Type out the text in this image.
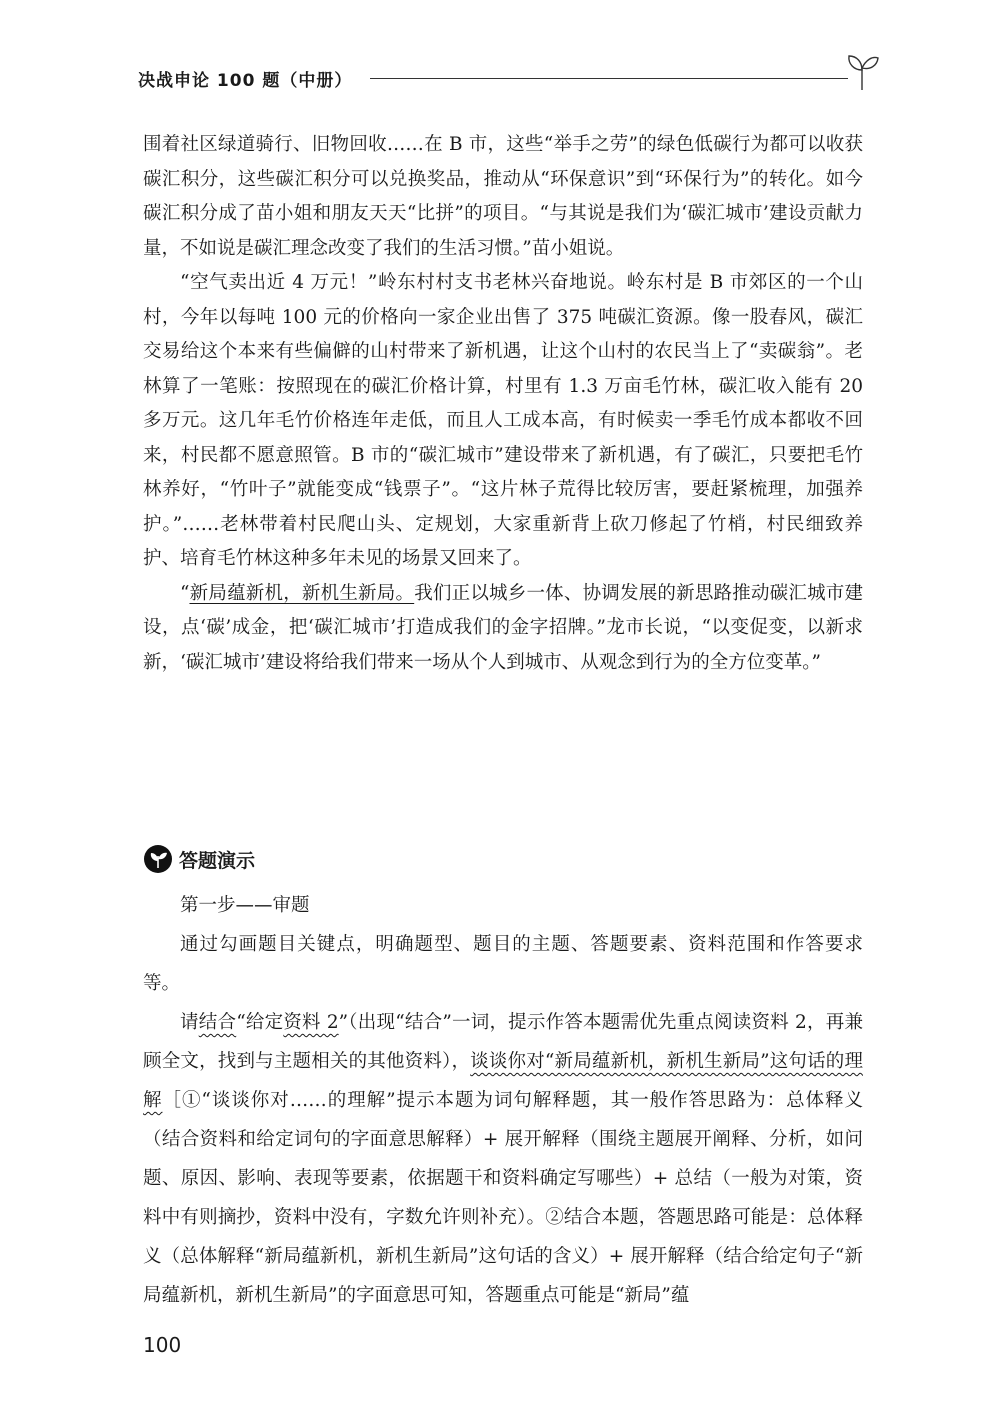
决战申论 100 题（中册）

围着社区绿道骑行、旧物回收……在 B 市，这些“举手之劳”的绿色低碳行为都可以收获碳汇积分，这些碳汇积分可以兑换奖品，推动从“环保意识”到“环保行为”的转化。如今碳汇积分成了苗小姐和朋友天天“比拼”的项目。“与其说是我们为‘碳汇城市’建设贡献力量，不如说是碳汇理念改变了我们的生活习惯。”苗小姐说。

“空气卖出近 4 万元！”岭东村村支书老林兴奋地说。岭东村是 B 市郊区的一个山村，今年以每吨 100 元的价格向一家企业出售了 375 吨碳汇资源。像一股春风，碳汇交易给这个本来有些偏僻的山村带来了新机遇，让这个山村的农民当上了“卖碳翁”。老林算了一笔账：按照现在的碳汇价格计算，村里有 1.3 万亩毛竹林，碳汇收入能有 20 多万元。这几年毛竹价格连年走低，而且人工成本高，有时候卖一季毛竹成本都收不回来，村民都不愿意照管。B 市的“碳汇城市”建设带来了新机遇，有了碳汇，只要把毛竹林养好，“竹叶子”就能变成“钱票子”。“这片林子荒得比较厉害，要赶紧梳理，加强养护。”……老林带着村民爬山头、定规划，大家重新背上砍刀修起了竹梢，村民细致养护、培育毛竹林这种多年未见的场景又回来了。

“新局蕴新机，新机生新局。我们正以城乡一体、协调发展的新思路推动碳汇城市建设，点‘碳’成金，把‘碳汇城市’打造成我们的金字招牌。”龙市长说，“以变促变，以新求新，‘碳汇城市’建设将给我们带来一场从个人到城市、从观念到行为的全方位变革。”

答题演示

第一步——审题

通过勾画题目关键点，明确题型、题目的主题、答题要素、资料范围和作答要求等。

请结合“给定资料 2”（出现“结合”一词，提示作答本题需优先重点阅读资料 2，再兼顾全文，找到与主题相关的其他资料），谈谈你对“新局蕴新机，新机生新局”这句话的理解［①“谈谈你对……的理解”提示本题为词句解释题，其一般作答思路为：总体释义（结合资料和给定词句的字面意思解释）+ 展开解释（围绕主题展开阐释、分析，如问题、原因、影响、表现等要素，依据题干和资料确定写哪些）+ 总结（一般为对策，资料中有则摘抄，资料中没有，字数允许则补充）。②结合本题，答题思路可能是：总体释义（总体解释“新局蕴新机，新机生新局”这句话的含义）+ 展开解释（结合给定句子“新局蕴新机，新机生新局”的字面意思可知，答题重点可能是“新局”蕴

100
